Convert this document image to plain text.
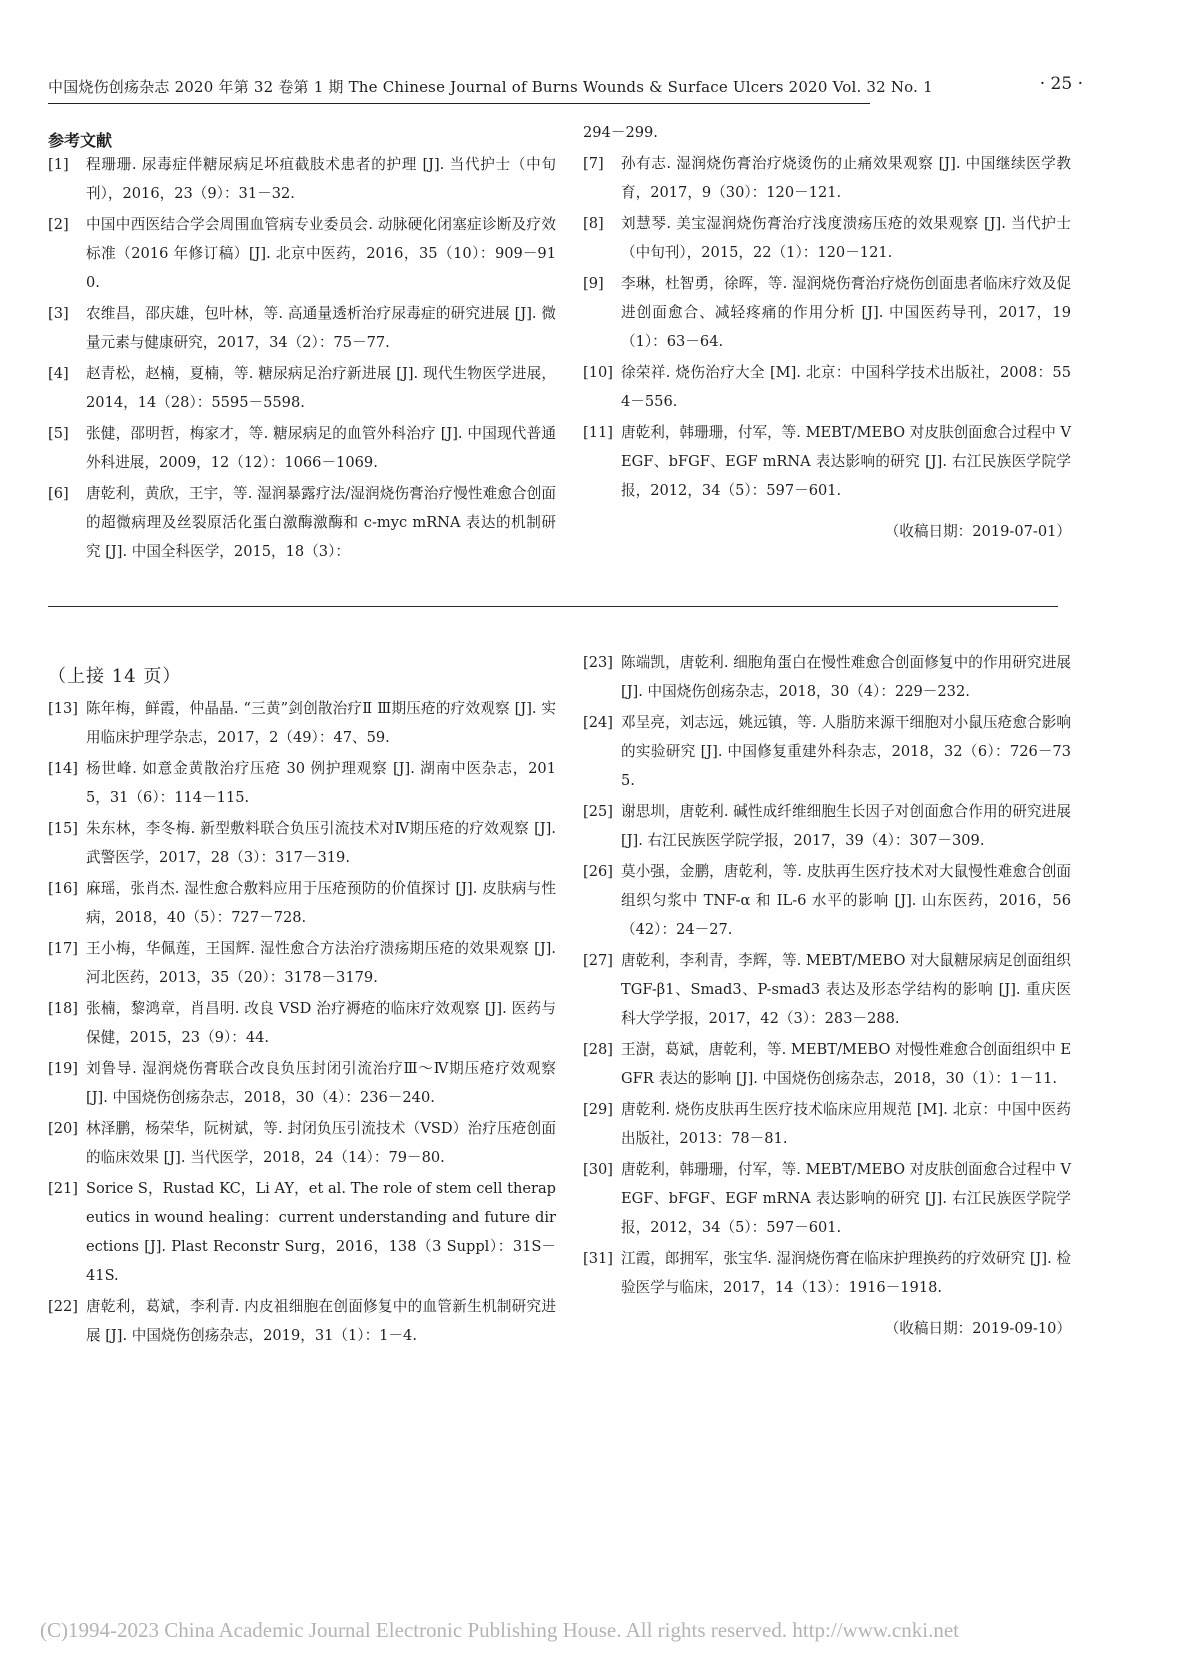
中国烧伤创疡杂志 2020 年第 32 卷第 1 期 The Chinese Journal of Burns Wounds & Surface Ulcers 2020 Vol. 32 No. 1	· 25 ·
参考文献
[1] 程珊珊. 尿毒症伴糖尿病足坏疽截肢术患者的护理 [J]. 当代护士（中旬刊），2016，23（9）：31－32.
[2] 中国中西医结合学会周围血管病专业委员会. 动脉硬化闭塞症诊断及疗效标准（2016 年修订稿）[J]. 北京中医药，2016，35（10）：909－910.
[3] 农维昌，邵庆雄，包叶林，等. 高通量透析治疗尿毒症的研究进展 [J]. 微量元素与健康研究，2017，34（2）：75－77.
[4] 赵青松，赵楠，夏楠，等. 糖尿病足治疗新进展 [J]. 现代生物医学进展，2014，14（28）：5595－5598.
[5] 张健，邵明哲，梅家才，等. 糖尿病足的血管外科治疗 [J]. 中国现代普通外科进展，2009，12（12）：1066－1069.
[6] 唐乾利，黄欣，王宇，等. 湿润暴露疗法/湿润烧伤膏治疗慢性难愈合创面的超微病理及丝裂原活化蛋白激酶激酶和 c-myc mRNA 表达的机制研究 [J]. 中国全科医学，2015，18（3）：
294－299.
[7] 孙有志. 湿润烧伤膏治疗烧烫伤的止痛效果观察 [J]. 中国继续医学教育，2017，9（30）：120－121.
[8] 刘慧琴. 美宝湿润烧伤膏治疗浅度溃疡压疮的效果观察 [J]. 当代护士（中旬刊），2015，22（1）：120－121.
[9] 李琳，杜智勇，徐晖，等. 湿润烧伤膏治疗烧伤创面患者临床疗效及促进创面愈合、减轻疼痛的作用分析 [J]. 中国医药导刊，2017，19（1）：63－64.
[10] 徐荣祥. 烧伤治疗大全 [M]. 北京：中国科学技术出版社，2008：554－556.
[11] 唐乾利，韩珊珊，付军，等. MEBT/MEBO 对皮肤创面愈合过程中 VEGF、bFGF、EGF mRNA 表达影响的研究 [J]. 右江民族医学院学报，2012，34（5）：597－601.
（收稿日期：2019-07-01）
（上接 14 页）
[13] 陈年梅，鲜霞，仲晶晶. “三黄”剑创散治疗Ⅱ Ⅲ期压疮的疗效观察 [J]. 实用临床护理学杂志，2017，2（49）：47、59.
[14] 杨世峰. 如意金黄散治疗压疮 30 例护理观察 [J]. 湖南中医杂志，2015，31（6）：114－115.
[15] 朱东林，李冬梅. 新型敷料联合负压引流技术对Ⅳ期压疮的疗效观察 [J]. 武警医学，2017，28（3）：317－319.
[16] 麻瑶，张肖杰. 湿性愈合敷料应用于压疮预防的价值探讨 [J]. 皮肤病与性病，2018，40（5）：727－728.
[17] 王小梅，华佩莲，王国辉. 湿性愈合方法治疗溃疡期压疮的效果观察 [J]. 河北医药，2013，35（20）：3178－3179.
[18] 张楠，黎鸿章，肖昌明. 改良 VSD 治疗褥疮的临床疗效观察 [J]. 医药与保健，2015，23（9）：44.
[19] 刘鲁导. 湿润烧伤膏联合改良负压封闭引流治疗Ⅲ～Ⅳ期压疮疗效观察 [J]. 中国烧伤创疡杂志，2018，30（4）：236－240.
[20] 林泽鹏，杨荣华，阮树斌，等. 封闭负压引流技术（VSD）治疗压疮创面的临床效果 [J]. 当代医学，2018，24（14）：79－80.
[21] Sorice S，Rustad KC，Li AY，et al. The role of stem cell therapeutics in wound healing：current understanding and future directions [J]. Plast Reconstr Surg，2016，138（3 Suppl）：31S－41S.
[22] 唐乾利，葛斌，李利青. 内皮祖细胞在创面修复中的血管新生机制研究进展 [J]. 中国烧伤创疡杂志，2019，31（1）：1－4.
[23] 陈端凯，唐乾利. 细胞角蛋白在慢性难愈合创面修复中的作用研究进展 [J]. 中国烧伤创疡杂志，2018，30（4）：229－232.
[24] 邓呈亮，刘志远，姚远镇，等. 人脂肪来源干细胞对小鼠压疮愈合影响的实验研究 [J]. 中国修复重建外科杂志，2018，32（6）：726－735.
[25] 谢思圳，唐乾利. 碱性成纤维细胞生长因子对创面愈合作用的研究进展 [J]. 右江民族医学院学报，2017，39（4）：307－309.
[26] 莫小强，金鹏，唐乾利，等. 皮肤再生医疗技术对大鼠慢性难愈合创面组织匀浆中 TNF-α 和 IL-6 水平的影响 [J]. 山东医药，2016，56（42）：24－27.
[27] 唐乾利，李利青，李辉，等. MEBT/MEBO 对大鼠糖尿病足创面组织 TGF-β1、Smad3、P-smad3 表达及形态学结构的影响 [J]. 重庆医科大学学报，2017，42（3）：283－288.
[28] 王澍，葛斌，唐乾利，等. MEBT/MEBO 对慢性难愈合创面组织中 EGFR 表达的影响 [J]. 中国烧伤创疡杂志，2018，30（1）：1－11.
[29] 唐乾利. 烧伤皮肤再生医疗技术临床应用规范 [M]. 北京：中国中医药出版社，2013：78－81.
[30] 唐乾利，韩珊珊，付军，等. MEBT/MEBO 对皮肤创面愈合过程中 VEGF、bFGF、EGF mRNA 表达影响的研究 [J]. 右江民族医学院学报，2012，34（5）：597－601.
[31] 江霞，郎拥军，张宝华. 湿润烧伤膏在临床护理换药的疗效研究 [J]. 检验医学与临床，2017，14（13）：1916－1918.
（收稿日期：2019-09-10）
(C)1994-2023 China Academic Journal Electronic Publishing House. All rights reserved. http://www.cnki.net
